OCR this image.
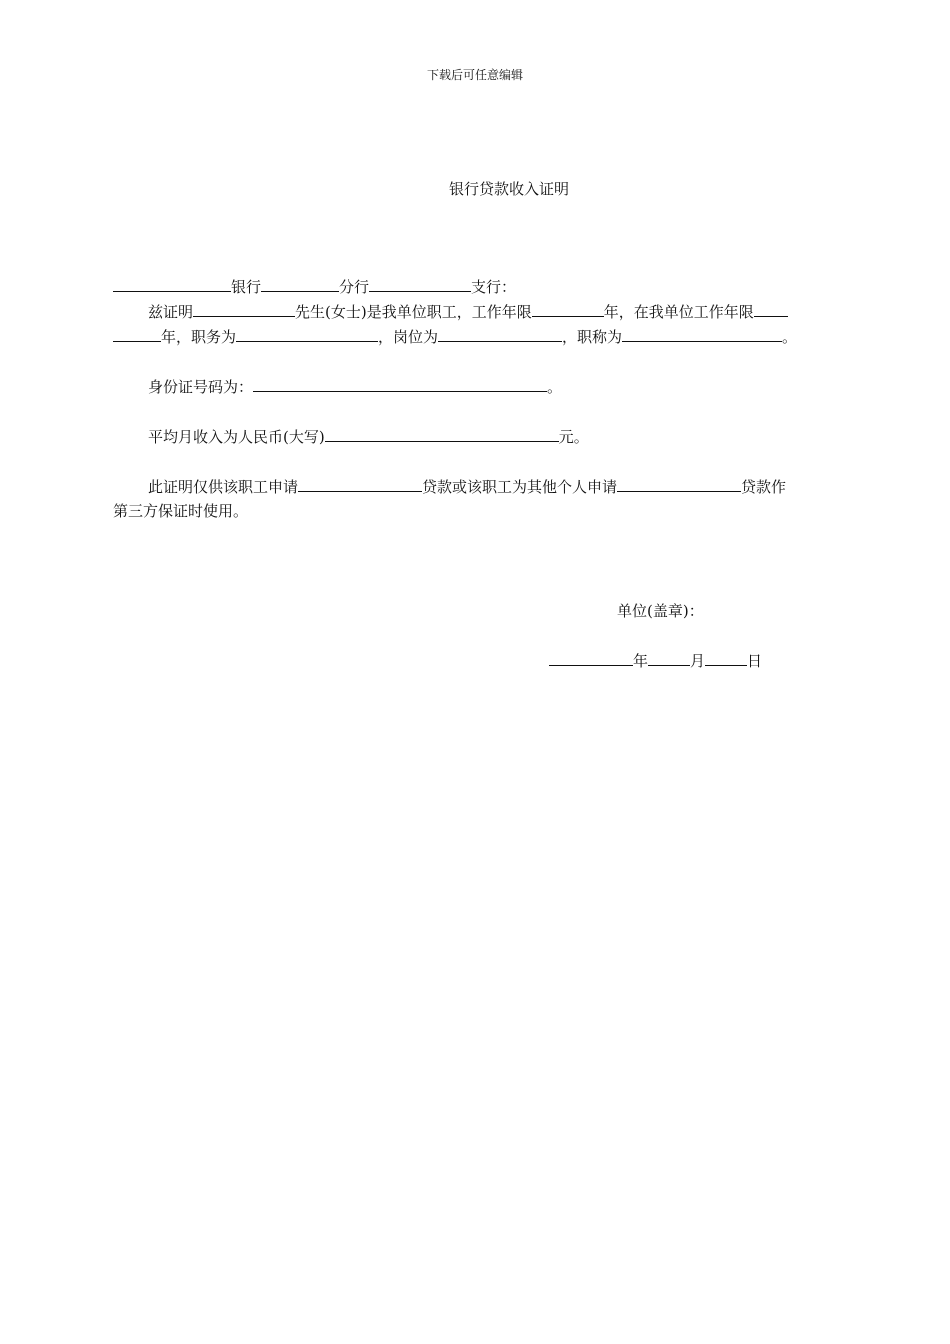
下载后可任意编辑
银行贷款收入证明
银行	分行	支行：
兹证明	先生(女士)是我单位职工，工作年限	年，在我单位工作年限
年，职务为	，岗位为	，职称为	。
身份证号码为：	。
平均月收入为人民币(大写)	元。
此证明仅供该职工申请	贷款或该职工为其他个人申请	贷款作
第三方保证时使用。
单位(盖章)：
年	月	日
